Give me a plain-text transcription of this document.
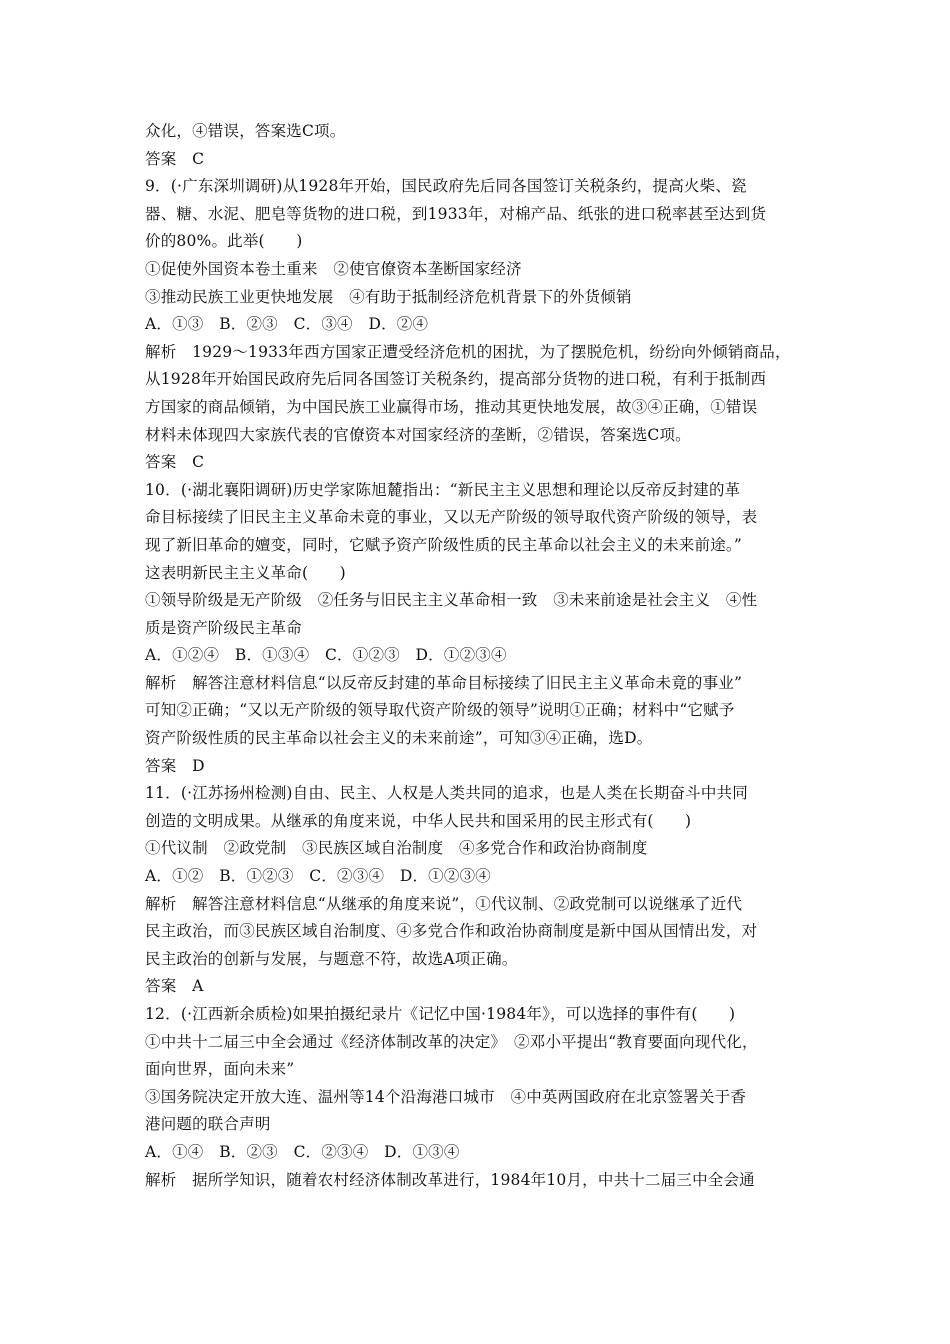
众化，④错误，答案选C项。
答案　C
9．(·广东深圳调研)从1928年开始，国民政府先后同各国签订关税条约，提高火柴、瓷
器、糖、水泥、肥皂等货物的进口税，到1933年，对棉产品、纸张的进口税率甚至达到货
价的80%。此举(　　)
①促使外国资本卷土重来　②使官僚资本垄断国家经济
③推动民族工业更快地发展　④有助于抵制经济危机背景下的外货倾销
A．①③　B．②③　C．③④　D．②④
解析　1929～1933年西方国家正遭受经济危机的困扰，为了摆脱危机，纷纷向外倾销商品，
从1928年开始国民政府先后同各国签订关税条约，提高部分货物的进口税，有利于抵制西
方国家的商品倾销，为中国民族工业赢得市场，推动其更快地发展，故③④正确，①错误
材料未体现四大家族代表的官僚资本对国家经济的垄断，②错误，答案选C项。
答案　C
10．(·湖北襄阳调研)历史学家陈旭麓指出：“新民主主义思想和理论以反帝反封建的革
命目标接续了旧民主主义革命未竟的事业，又以无产阶级的领导取代资产阶级的领导，表
现了新旧革命的嬗变，同时，它赋予资产阶级性质的民主革命以社会主义的未来前途。”
这表明新民主主义革命(　　)
①领导阶级是无产阶级　②任务与旧民主主义革命相一致　③未来前途是社会主义　④性
质是资产阶级民主革命
A．①②④　B．①③④　C．①②③　D．①②③④
解析　解答注意材料信息“以反帝反封建的革命目标接续了旧民主主义革命未竟的事业”
可知②正确；“又以无产阶级的领导取代资产阶级的领导”说明①正确；材料中“它赋予
资产阶级性质的民主革命以社会主义的未来前途”，可知③④正确，选D。
答案　D
11．(·江苏扬州检测)自由、民主、人权是人类共同的追求，也是人类在长期奋斗中共同
创造的文明成果。从继承的角度来说，中华人民共和国采用的民主形式有(　　)
①代议制　②政党制　③民族区域自治制度　④多党合作和政治协商制度
A．①②　B．①②③　C．②③④　D．①②③④
解析　解答注意材料信息“从继承的角度来说”，①代议制、②政党制可以说继承了近代
民主政治，而③民族区域自治制度、④多党合作和政治协商制度是新中国从国情出发，对
民主政治的创新与发展，与题意不符，故选A项正确。
答案　A
12．(·江西新余质检)如果拍摄纪录片《记忆中国·1984年》，可以选择的事件有(　　)
①中共十二届三中全会通过《经济体制改革的决定》　②邓小平提出“教育要面向现代化，
面向世界，面向未来”
③国务院决定开放大连、温州等14个沿海港口城市　④中英两国政府在北京签署关于香
港问题的联合声明
A．①④　B．②③　C．②③④　D．①③④
解析　据所学知识，随着农村经济体制改革进行，1984年10月，中共十二届三中全会通
